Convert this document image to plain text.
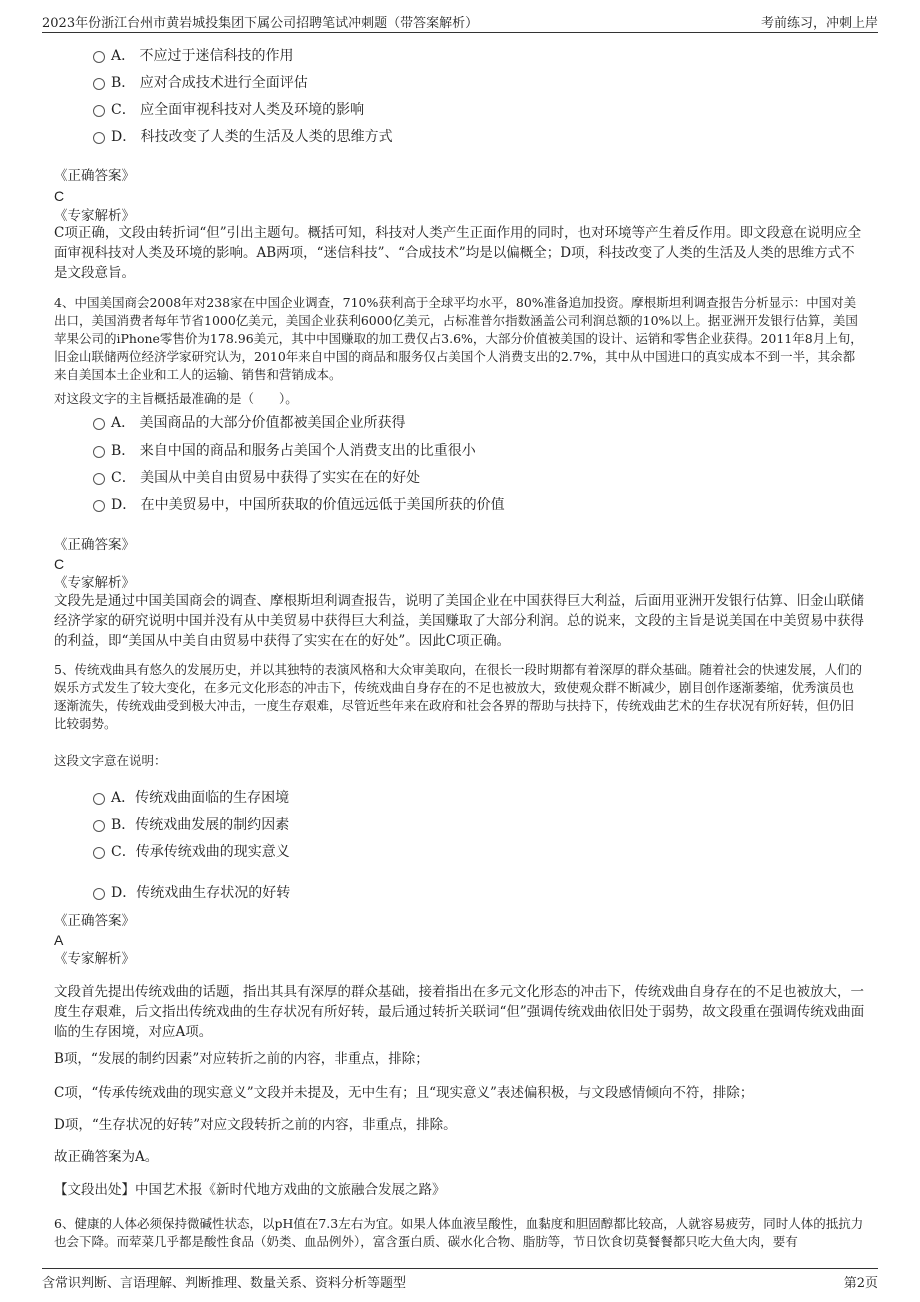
2023年份浙江台州市黄岩城投集团下属公司招聘笔试冲刺题（带答案解析）	考前练习，冲刺上岸
A． 不应过于迷信科技的作用
B． 应对合成技术进行全面评估
C． 应全面审视科技对人类及环境的影响
D． 科技改变了人类的生活及人类的思维方式
《正确答案》
C
《专家解析》
C项正确，文段由转折词“但”引出主题句。概括可知，科技对人类产生正面作用的同时，也对环境等产生着反作用。即文段意在说明应全面审视科技对人类及环境的影响。AB两项，“迷信科技”、“合成技术”均是以偏概全；D项，科技改变了人类的生活及人类的思维方式不是文段意旨。
4、中国美国商会2008年对238家在中国企业调查，710%获利高于全球平均水平，80%准备追加投资。摩根斯坦利调查报告分析显示：中国对美出口，美国消费者每年节省1000亿美元，美国企业获利6000亿美元，占标准普尔指数涵盖公司利润总额的10%以上。据亚洲开发银行估算，美国苹果公司的iPhone零售价为178.96美元，其中中国赚取的加工费仅占3.6%，大部分价值被美国的设计、运销和零售企业获得。2011年8月上旬，旧金山联储两位经济学家研究认为，2010年来自中国的商品和服务仅占美国个人消费支出的2.7%，其中从中国进口的真实成本不到一半，其余都来自美国本土企业和工人的运输、销售和营销成本。
对这段文字的主旨概括最准确的是（　　）。
A． 美国商品的大部分价值都被美国企业所获得
B． 来自中国的商品和服务占美国个人消费支出的比重很小
C． 美国从中美自由贸易中获得了实实在在的好处
D． 在中美贸易中，中国所获取的价值远远低于美国所获的价值
《正确答案》
C
《专家解析》
文段先是通过中国美国商会的调查、摩根斯坦利调查报告，说明了美国企业在中国获得巨大利益，后面用亚洲开发银行估算、旧金山联储经济学家的研究说明中国并没有从中美贸易中获得巨大利益，美国赚取了大部分利润。总的说来，文段的主旨是说美国在中美贸易中获得的利益，即“美国从中美自由贸易中获得了实实在在的好处”。因此C项正确。
5、传统戏曲具有悠久的发展历史，并以其独特的表演风格和大众审美取向，在很长一段时期都有着深厚的群众基础。随着社会的快速发展，人们的娱乐方式发生了较大变化，在多元文化形态的冲击下，传统戏曲自身存在的不足也被放大，致使观众群不断减少，剧目创作逐渐萎缩，优秀演员也逐渐流失，传统戏曲受到极大冲击，一度生存艰难，尽管近些年来在政府和社会各界的帮助与扶持下，传统戏曲艺术的生存状况有所好转，但仍旧比较弱势。
这段文字意在说明：
A．传统戏曲面临的生存困境
B．传统戏曲发展的制约因素
C．传承传统戏曲的现实意义
D．传统戏曲生存状况的好转
《正确答案》
A
《专家解析》
文段首先提出传统戏曲的话题，指出其具有深厚的群众基础，接着指出在多元文化形态的冲击下，传统戏曲自身存在的不足也被放大，一度生存艰难，后文指出传统戏曲的生存状况有所好转，最后通过转折关联词“但”强调传统戏曲依旧处于弱势，故文段重在强调传统戏曲面临的生存困境，对应A项。
B项，“发展的制约因素”对应转折之前的内容，非重点，排除；
C项，“传承传统戏曲的现实意义”文段并未提及，无中生有；且“现实意义”表述偏积极，与文段感情倾向不符，排除；
D项，“生存状况的好转”对应文段转折之前的内容，非重点，排除。
故正确答案为A。
【文段出处】中国艺术报《新时代地方戏曲的文旅融合发展之路》
6、健康的人体必须保持微碱性状态，以pH值在7.3左右为宜。如果人体血液呈酸性，血黏度和胆固醇都比较高，人就容易疲劳，同时人体的抵抗力也会下降。而荤菜几乎都是酸性食品（奶类、血品例外），富含蛋白质、碳水化合物、脂肪等，节日饮食切莫餐餐都只吃大鱼大肉，要有
含常识判断、言语理解、判断推理、数量关系、资料分析等题型	第2页
